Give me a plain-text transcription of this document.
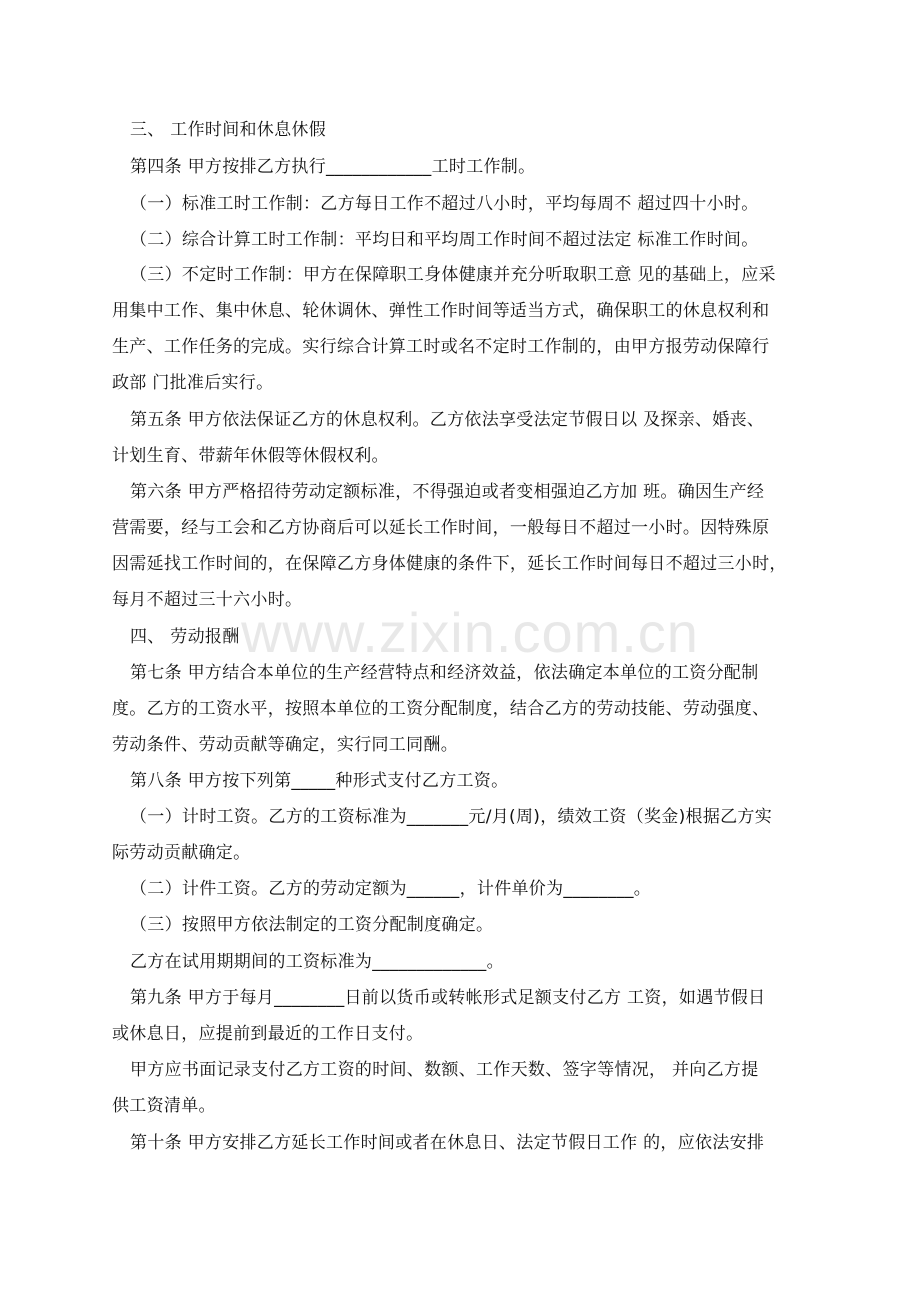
www.zixin.com.cn
三、 工作时间和休息休假
第四条 甲方按排乙方执行____________工时工作制。
（一）标准工时工作制：乙方每日工作不超过八小时，平均每周不 超过四十小时。
（二）综合计算工时工作制：平均日和平均周工作时间不超过法定 标准工作时间。
（三）不定时工作制：甲方在保障职工身体健康并充分听取职工意 见的基础上，应采
用集中工作、集中休息、轮休调休、弹性工作时间等适当方式，确保职工的休息权利和
生产、工作任务的完成。实行综合计算工时或名不定时工作制的，由甲方报劳动保障行
政部 门批准后实行。
第五条 甲方依法保证乙方的休息权利。乙方依法享受法定节假日以 及探亲、婚丧、
计划生育、带薪年休假等休假权利。
第六条 甲方严格招待劳动定额标准，不得强迫或者变相强迫乙方加 班。确因生产经
营需要，经与工会和乙方协商后可以延长工作时间，一般每日不超过一小时。因特殊原
因需延找工作时间的，在保障乙方身体健康的条件下，延长工作时间每日不超过三小时，
每月不超过三十六小时。
四、 劳动报酬
第七条 甲方结合本单位的生产经营特点和经济效益，依法确定本单位的工资分配制
度。乙方的工资水平，按照本单位的工资分配制度，结合乙方的劳动技能、劳动强度、
劳动条件、劳动贡献等确定，实行同工同酬。
第八条 甲方按下列第_____种形式支付乙方工资。
（一）计时工资。乙方的工资标准为_______元/月(周)，绩效工资（奖金)根据乙方实
际劳动贡献确定。
（二）计件工资。乙方的劳动定额为______，计件单价为________。
（三）按照甲方依法制定的工资分配制度确定。
乙方在试用期期间的工资标准为_____________。
第九条 甲方于每月________日前以货币或转帐形式足额支付乙方 工资，如遇节假日
或休息日，应提前到最近的工作日支付。
甲方应书面记录支付乙方工资的时间、数额、工作天数、签字等情况， 并向乙方提
供工资清单。
第十条 甲方安排乙方延长工作时间或者在休息日、法定节假日工作 的，应依法安排
